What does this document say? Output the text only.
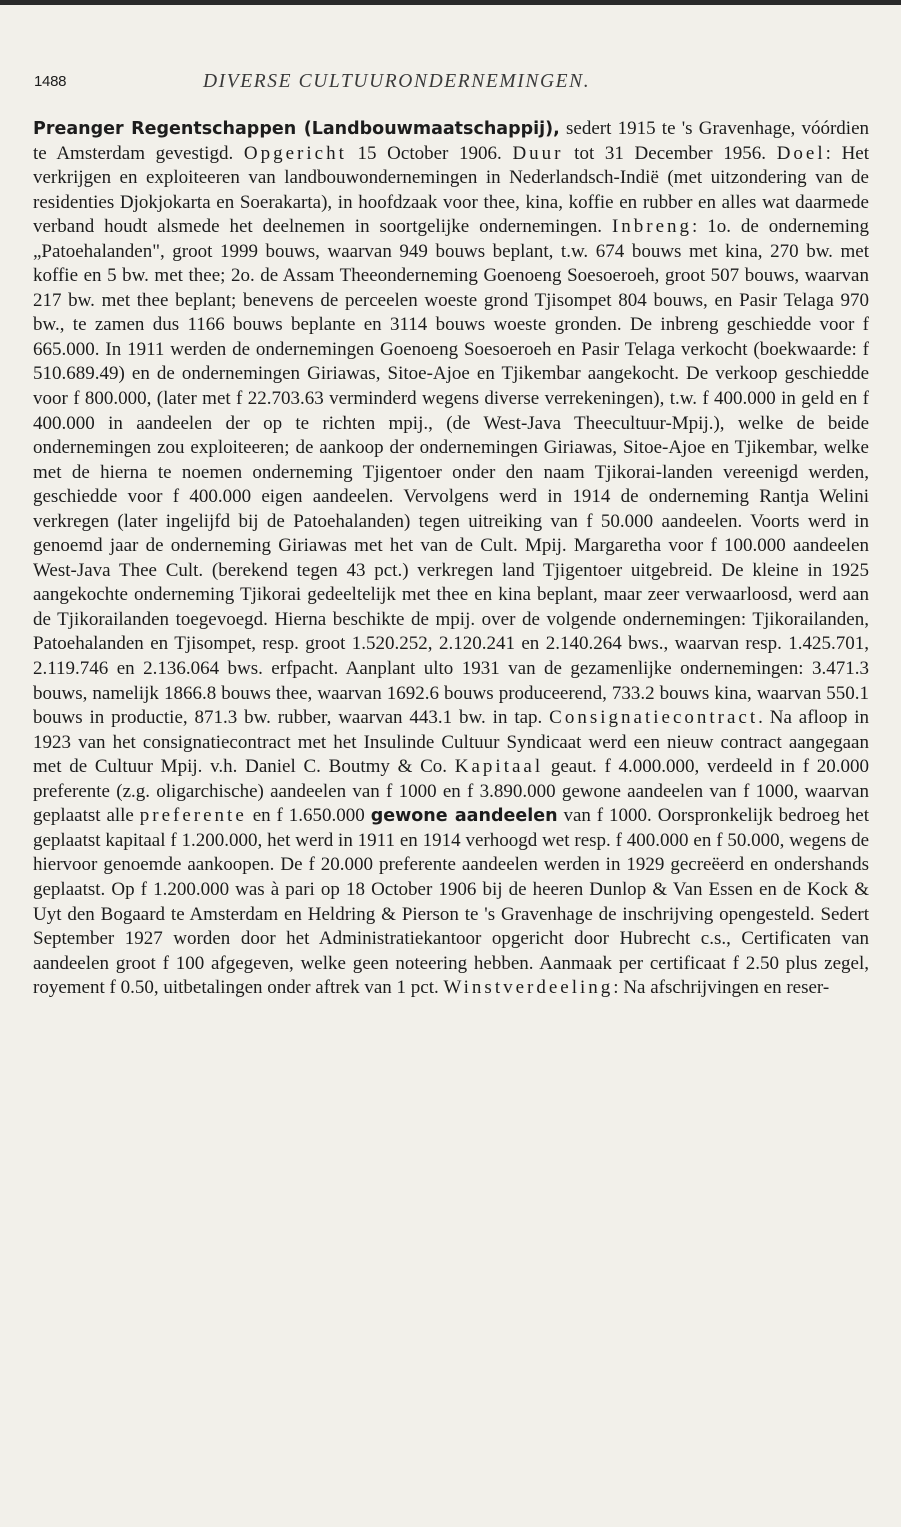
1488	DIVERSE CULTUURONDERNEMINGEN.

Preanger Regentschappen (Landbouwmaatschappij), sedert 1915 te 's Gravenhage, vóórdien te Amsterdam gevestigd. Opgericht 15 October 1906. Duur tot 31 December 1956. Doel: Het verkrijgen en exploiteeren van landbouwondernemingen in Nederlandsch-Indië (met uitzondering van de residenties Djokjokarta en Soerakarta), in hoofdzaak voor thee, kina, koffie en rubber en alles wat daarmede verband houdt alsmede het deelnemen in soortgelijke ondernemingen. Inbreng: 1o. de onderneming „Patoehalanden", groot 1999 bouws, waarvan 949 bouws beplant, t.w. 674 bouws met kina, 270 bw. met koffie en 5 bw. met thee; 2o. de Assam Theeonderneming Goenoeng Soesoeroeh, groot 507 bouws, waarvan 217 bw. met thee beplant; benevens de perceelen woeste grond Tjisompet 804 bouws, en Pasir Telaga 970 bw., te zamen dus 1166 bouws beplante en 3114 bouws woeste gronden. De inbreng geschiedde voor f 665.000. In 1911 werden de ondernemingen Goenoeng Soesoeroeh en Pasir Telaga verkocht (boekwaarde: f 510.689.49) en de ondernemingen Giriawas, Sitoe-Ajoe en Tjikembar aangekocht. De verkoop geschiedde voor f 800.000, (later met f 22.703.63 verminderd wegens diverse verrekeningen), t.w. f 400.000 in geld en f 400.000 in aandeelen der op te richten mpij., (de West-Java Theecultuur-Mpij.), welke de beide ondernemingen zou exploiteeren; de aankoop der ondernemingen Giriawas, Sitoe-Ajoe en Tjikembar, welke met de hierna te noemen onderneming Tjigentoer onder den naam Tjikorai-landen vereenigd werden, geschiedde voor f 400.000 eigen aandeelen. Vervolgens werd in 1914 de onderneming Rantja Welini verkregen (later ingelijfd bij de Patoehalanden) tegen uitreiking van f 50.000 aandeelen. Voorts werd in genoemd jaar de onderneming Giriawas met het van de Cult. Mpij. Margaretha voor f 100.000 aandeelen West-Java Thee Cult. (berekend tegen 43 pct.) verkregen land Tjigentoer uitgebreid. De kleine in 1925 aangekochte onderneming Tjikorai gedeeltelijk met thee en kina beplant, maar zeer verwaarloosd, werd aan de Tjikorailanden toegevoegd. Hierna beschikte de mpij. over de volgende ondernemingen: Tjikorailanden, Patoehalanden en Tjisompet, resp. groot 1.520.252, 2.120.241 en 2.140.264 bws., waarvan resp. 1.425.701, 2.119.746 en 2.136.064 bws. erfpacht. Aanplant ulto 1931 van de gezamenlijke ondernemingen: 3.471.3 bouws, namelijk 1866.8 bouws thee, waarvan 1692.6 bouws produceerend, 733.2 bouws kina, waarvan 550.1 bouws in productie, 871.3 bw. rubber, waarvan 443.1 bw. in tap. Consignatiecontract. Na afloop in 1923 van het consignatiecontract met het Insulinde Cultuur Syndicaat werd een nieuw contract aangegaan met de Cultuur Mpij. v.h. Daniel C. Boutmy & Co. Kapitaal geaut. f 4.000.000, verdeeld in f 20.000 preferente (z.g. oligarchische) aandeelen van f 1000 en f 3.890.000 gewone aandeelen van f 1000, waarvan geplaatst alle preferente en f 1.650.000 gewone aandeelen van f 1000. Oorspronkelijk bedroeg het geplaatst kapitaal f 1.200.000, het werd in 1911 en 1914 verhoogd wet resp. f 400.000 en f 50.000, wegens de hiervoor genoemde aankoopen. De f 20.000 preferente aandeelen werden in 1929 gecreëerd en ondershands geplaatst. Op f 1.200.000 was à pari op 18 October 1906 bij de heeren Dunlop & Van Essen en de Kock & Uyt den Bogaard te Amsterdam en Heldring & Pierson te 's Gravenhage de inschrijving opengesteld. Sedert September 1927 worden door het Administratiekantoor opgericht door Hubrecht c.s., Certificaten van aandeelen groot f 100 afgegeven, welke geen noteering hebben. Aanmaak per certificaat f 2.50 plus zegel, royement f 0.50, uitbetalingen onder aftrek van 1 pct. Winstverdeeling: Na afschrijvingen en reser-
